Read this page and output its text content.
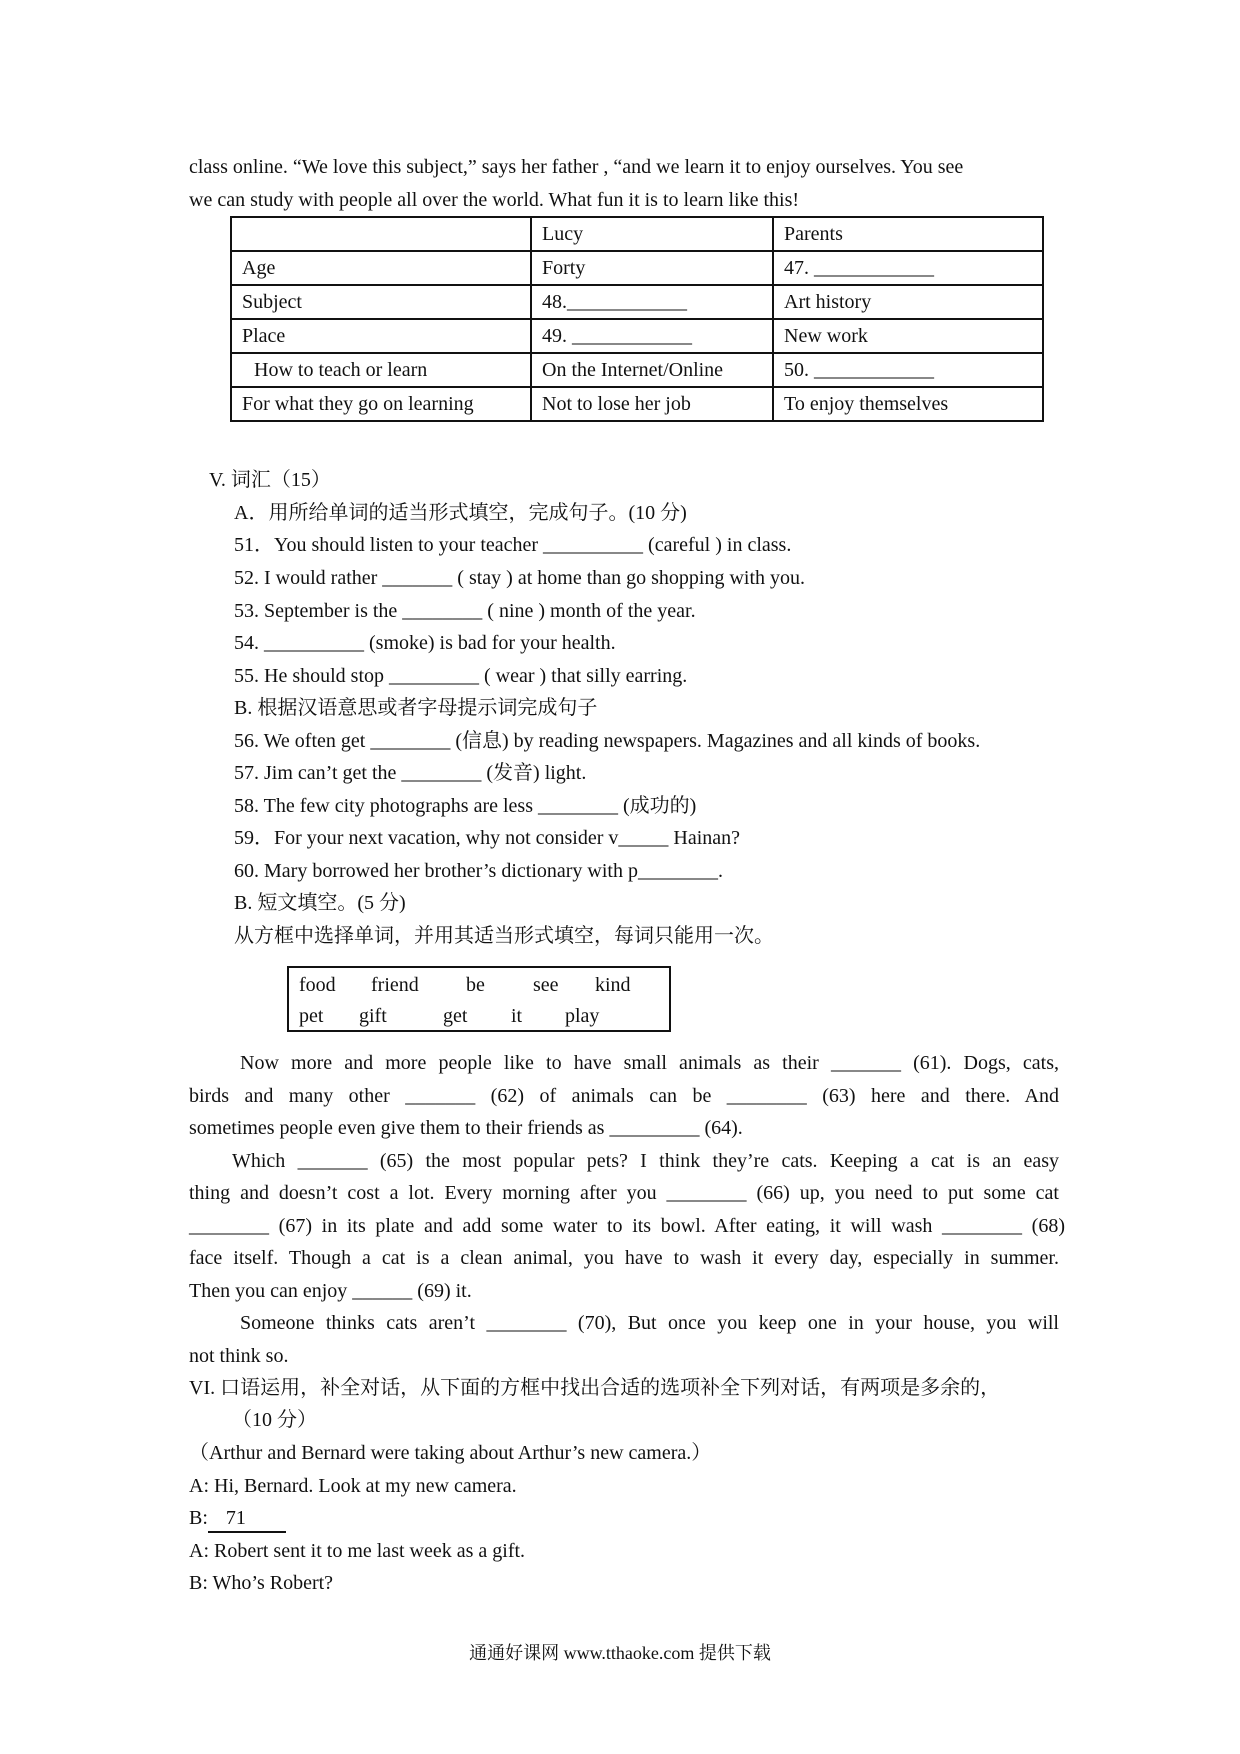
class online. “We love this subject,” says her father , “and we learn it to enjoy ourselves. You see
we can study with people all over the world. What fun it is to learn like this!
	Lucy	Parents
Age	Forty	47. ____________
Subject	48.____________	Art history
Place	49. ____________	New work
How to teach or learn	On the Internet/Online	50. ____________
For what they go on learning	Not to lose her job	To enjoy themselves
V. 词汇（15）
A．用所给单词的适当形式填空，完成句子。(10 分)
51．You should listen to your teacher __________ (careful ) in class.
52. I would rather _______ ( stay ) at home than go shopping with you.
53. September is the ________ ( nine ) month of the year.
54. __________ (smoke) is bad for your health.
55. He should stop _________ ( wear ) that silly earring.
B. 根据汉语意思或者字母提示词完成句子
56. We often get ________ (信息) by reading newspapers. Magazines and all kinds of books.
57. Jim can’t get the ________ (发音) light.
58. The few city photographs are less ________ (成功的)
59．For your next vacation, why not consider v_____ Hainan?
60. Mary borrowed her brother’s dictionary with p________.
B. 短文填空。(5 分)
从方框中选择单词，并用其适当形式填空，每词只能用一次。
food friend be see kind
pet gift	get it play
Now more and more people like to have small animals as their _______ (61). Dogs, cats,
birds and many other _______ (62) of animals can be ________ (63) here and there. And
sometimes people even give them to their friends as _________ (64).
Which _______ (65) the most popular pets? I think they’re cats. Keeping a cat is an easy
thing and doesn’t cost a lot. Every morning after you ________ (66) up, you need to put some cat
________ (67) in its plate and add some water to its bowl. After eating, it will wash ________ (68)
face itself. Though a cat is a clean animal, you have to wash it every day, especially in summer.
Then you can enjoy ______ (69) it.
Someone thinks cats aren’t ________ (70), But once you keep one in your house, you will
not think so.
VI. 口语运用，补全对话，从下面的方框中找出合适的选项补全下列对话，有两项是多余的，
（10 分）
（Arthur and Bernard were taking about Arthur’s new camera.）
A: Hi, Bernard. Look at my new camera.
B: 71
A: Robert sent it to me last week as a gift.
B: Who’s Robert?
通通好课网 www.tthaoke.com 提供下载
